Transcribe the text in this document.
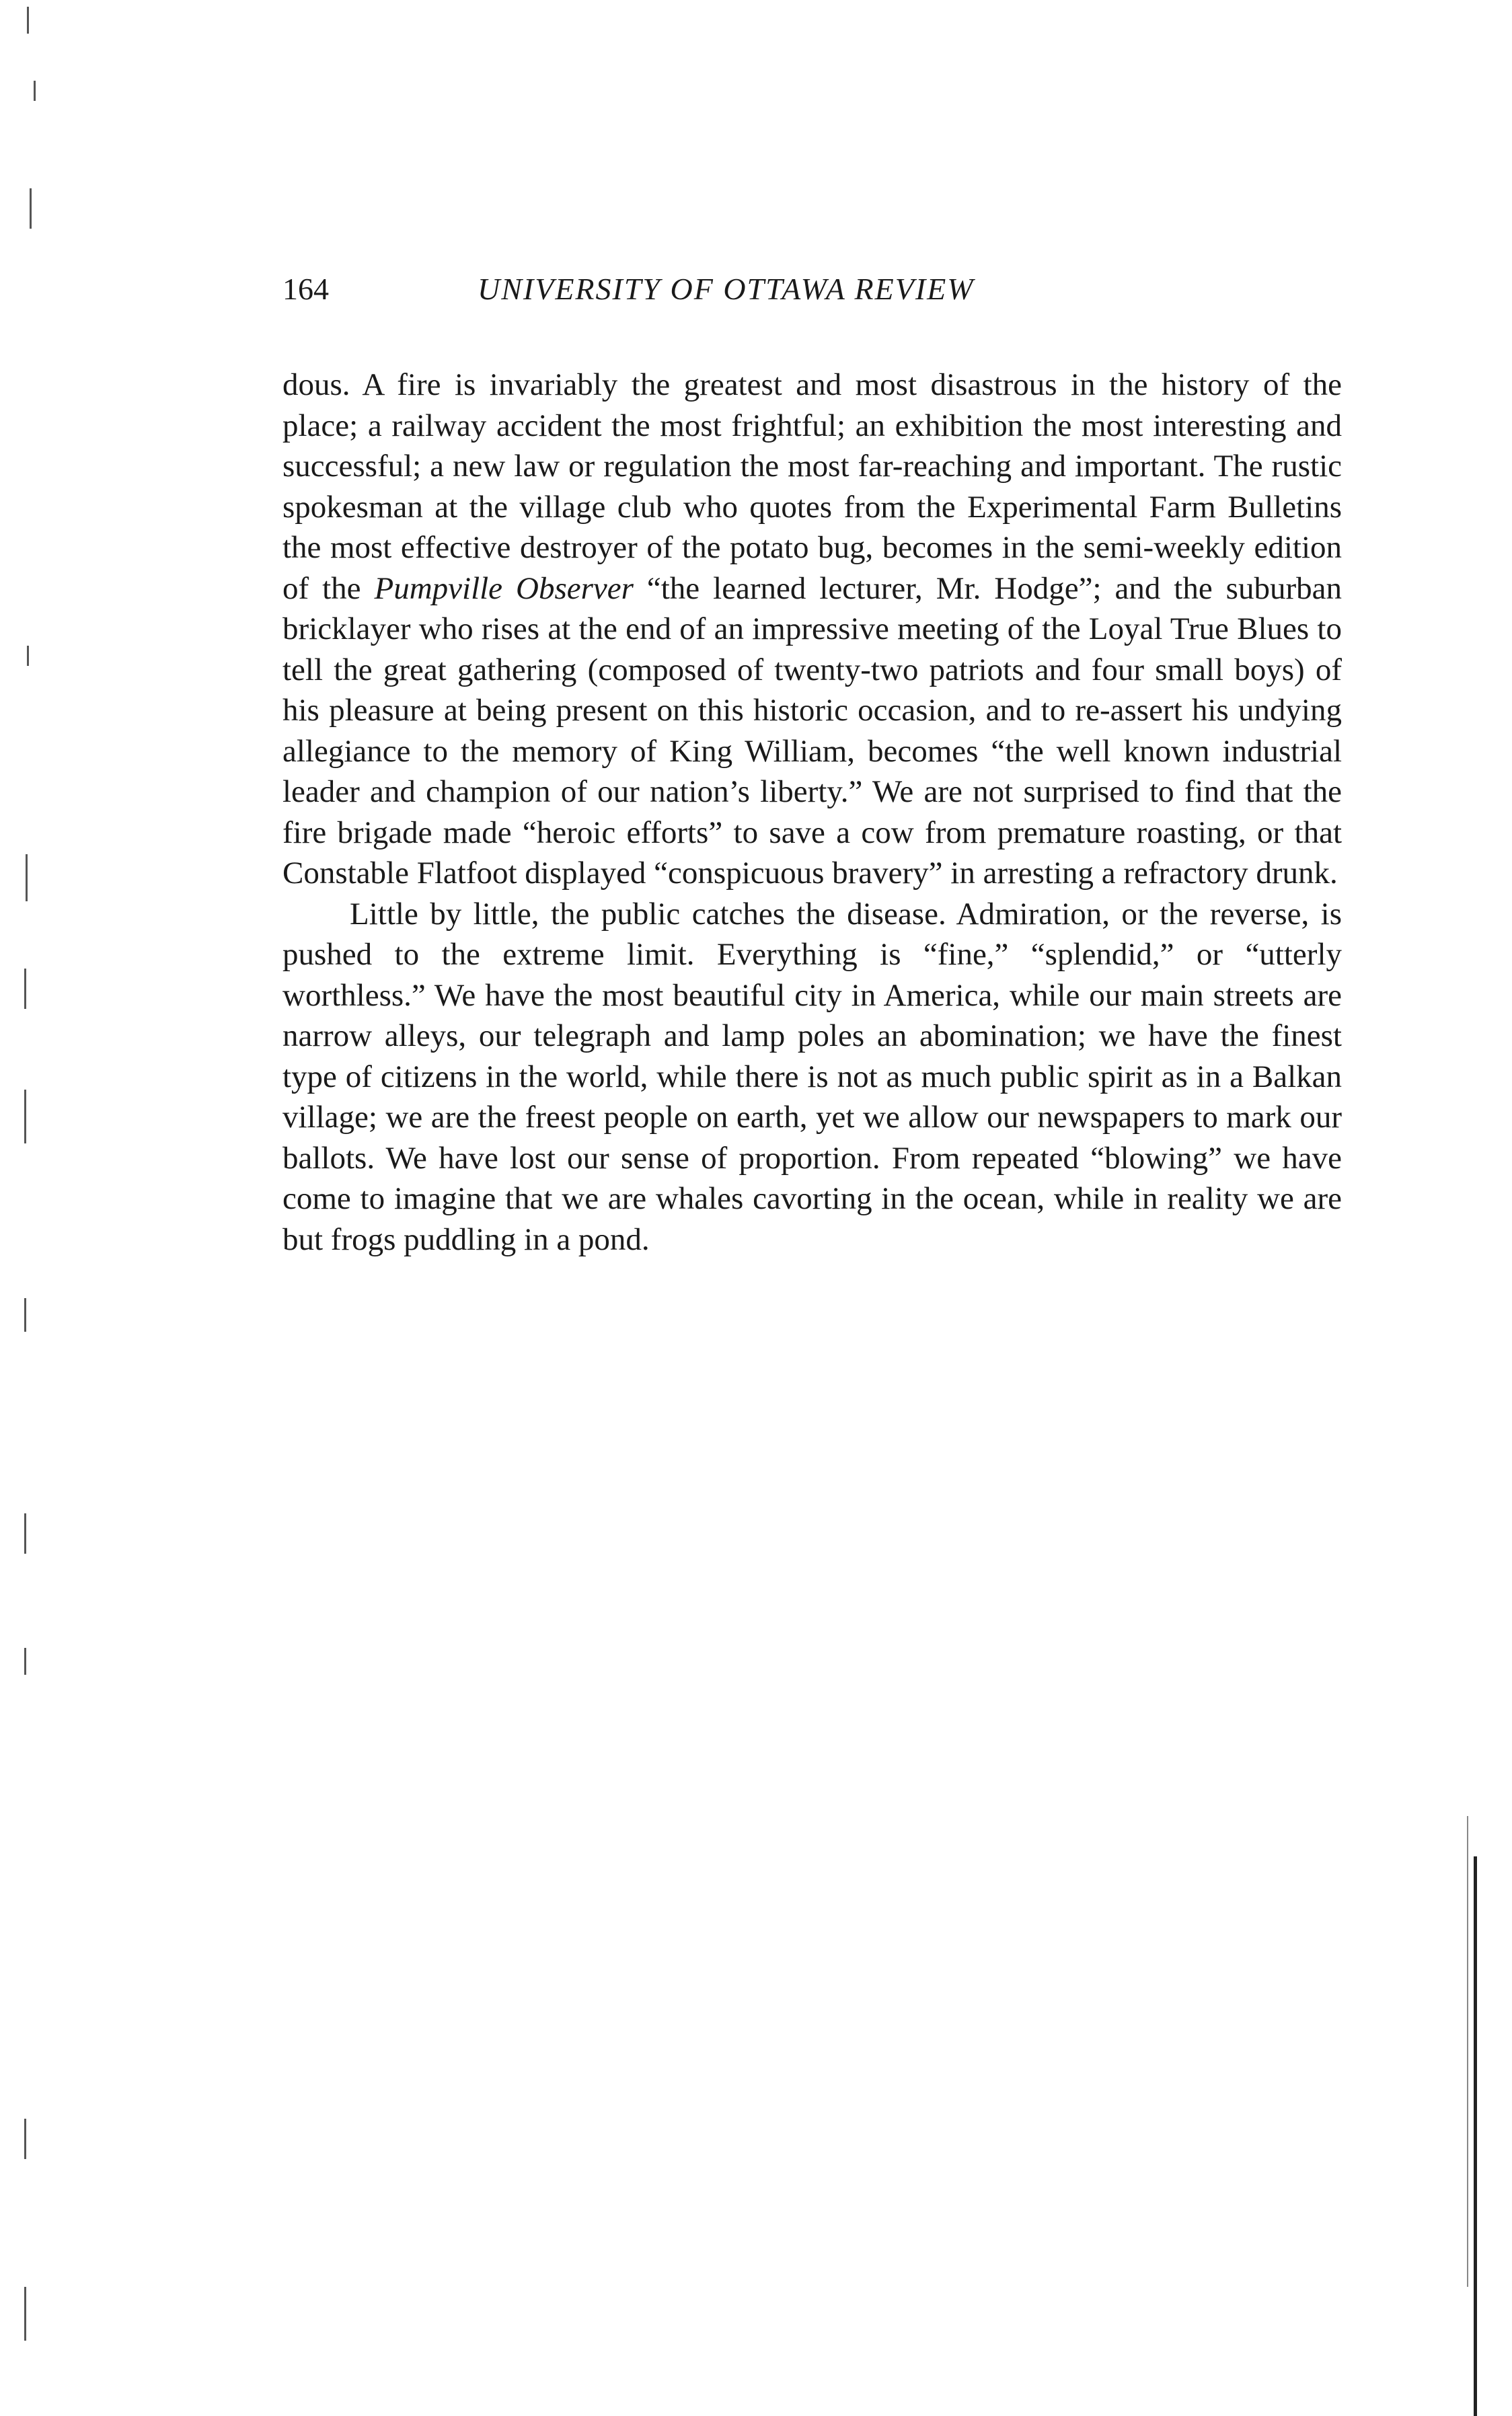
164	UNIVERSITY OF OTTAWA REVIEW

dous. A fire is invariably the greatest and most disastrous in the history of the place; a railway accident the most frightful; an exhibition the most interesting and successful; a new law or regulation the most far-reaching and important. The rustic spokesman at the village club who quotes from the Experimental Farm Bulletins the most effective destroyer of the potato bug, becomes in the semi-weekly edition of the Pumpville Observer “the learned lecturer, Mr. Hodge”; and the suburban bricklayer who rises at the end of an impressive meeting of the Loyal True Blues to tell the great gathering (composed of twenty-two patriots and four small boys) of his pleasure at being present on this historic occasion, and to re-assert his undying allegiance to the memory of King William, becomes “the well known industrial leader and champion of our nation’s liberty.” We are not surprised to find that the fire brigade made “heroic efforts” to save a cow from premature roasting, or that Constable Flatfoot displayed “conspicuous bravery” in arresting a refractory drunk.

Little by little, the public catches the disease. Admiration, or the reverse, is pushed to the extreme limit. Everything is “fine,” “splendid,” or “utterly worthless.” We have the most beautiful city in America, while our main streets are narrow alleys, our telegraph and lamp poles an abomination; we have the finest type of citizens in the world, while there is not as much public spirit as in a Balkan village; we are the freest people on earth, yet we allow our newspapers to mark our ballots. We have lost our sense of proportion. From repeated “blowing” we have come to imagine that we are whales cavorting in the ocean, while in reality we are but frogs puddling in a pond.
